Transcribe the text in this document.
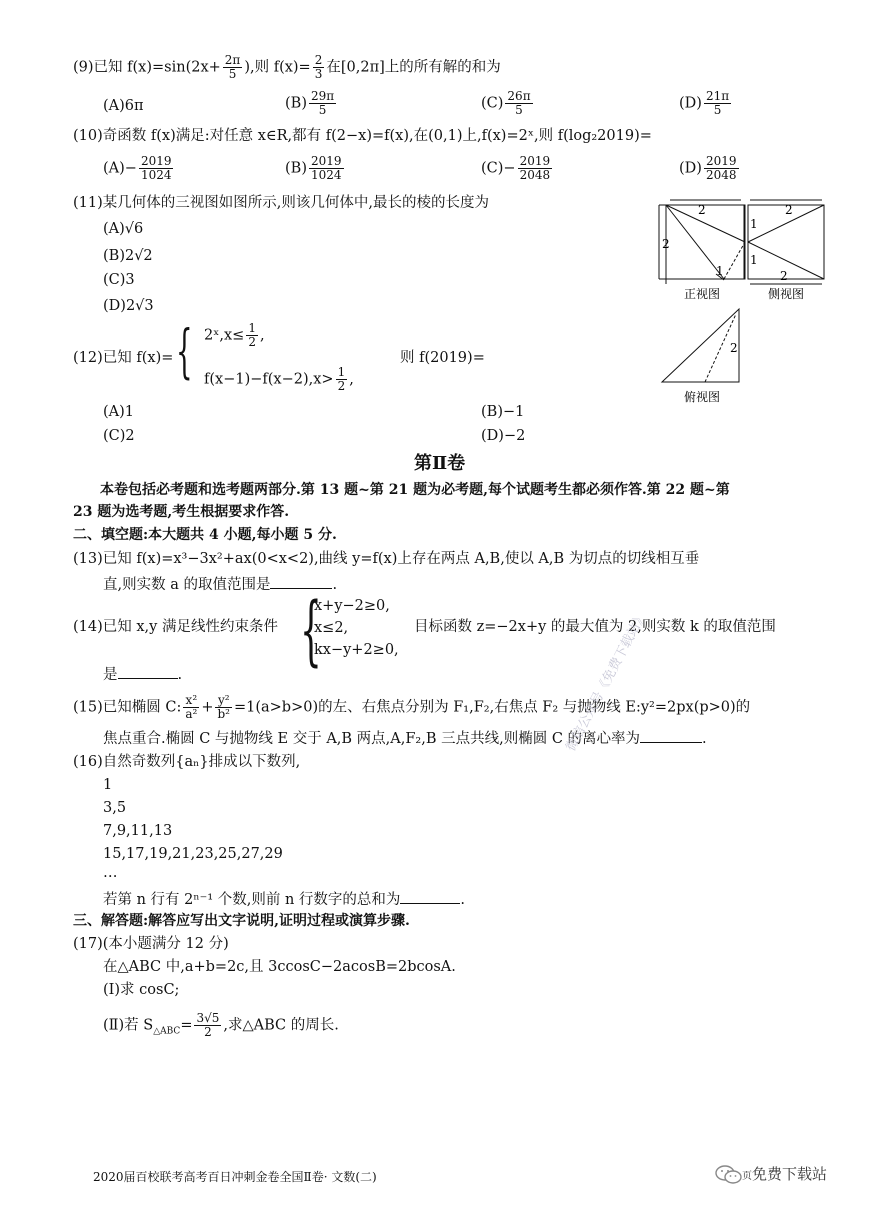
(9)已知 $f(x)=\sin(2x+ \frac{2\pi}{5}$ ),则 $f(x)= \frac{2}{3}$ 在[0,2π]上的所有解的和为
(A)6π	$(B) \frac{29\pi}{5}$	$(C) \frac{26\pi}{5}$	$(D) \frac{21\pi}{5}$
(10)奇函数 f(x)满足:对任意 x∈R,都有 f(2−x)=f(x),在(0,1)上,f(x)=2ˣ,则 f(log₂2019)=
$(A)- \frac{2019}{1024}$	$(B) \frac{2019}{1024}$	$(C)- \frac{2019}{2048}$	$(D) \frac{2019}{2048}$
(11)某几何体的三视图如图所示,则该几何体中,最长的棱的长度为
(A)√6
(B)2√2
(C)3
(D)2√3
2
2
1
正视图
2
1
1
2
侧视图
2
俯视图
(12)已知 f(x)= { 2ˣ,x≤ $\frac{1}{2}$ ,
$f(x-1)-f(x-2),x> \frac{1}{2}$ ,
则 f(2019)=
(A)1	(B)−1
(C)2	(D)−2
第Ⅱ卷
本卷包括必考题和选考题两部分.第 13 题~第 21 题为必考题,每个试题考生都必须作答.第 22 题~第
23 题为选考题,考生根据要求作答.
二、填空题:本大题共 4 小题,每小题 5 分.
(13)已知 f(x)=x³−3x²+ax(0<x<2),曲线 y=f(x)上存在两点 A,B,使以 A,B 为切点的切线相互垂
直,则实数 a 的取值范围是	.
(14)已知 x,y 满足线性约束条件 {
x+y−2≥0,
x≤2,
kx−y+2≥0,
目标函数 z=−2x+y 的最大值为 2,则实数 k 的取值范围
是	.
(15)已知椭圆 C: $\frac{\text{x²}}{\text{a²}} + \frac{\text{y²}}{\text{b²}} =1(a>b>0)$的左、右焦点分别为 F₁,F₂,右焦点 F₂ 与抛物线 E:y²=2px(p>0)的
焦点重合.椭圆 C 与抛物线 E 交于 A,B 两点,A,F₂,B 三点共线,则椭圆 C 的离心率为	.
(16)自然奇数列{aₙ}排成以下数列,
1
3,5
7,9,11,13
15,17,19,21,23,25,27,29
…
若第 n 行有 2ⁿ⁻¹ 个数,则前 n 行数字的总和为	.
三、解答题:解答应写出文字说明,证明过程或演算步骤.
(17)(本小题满分 12 分)
在△ABC 中,a+b=2c,且 3ccosC−2acosB=2bcosA.
(Ⅰ)求 cosC;
(Ⅱ)若 $S_{\triangle ABC}= \frac{3√5}{2}$ ,求△ABC 的周长.
微信公众号《免费下载站》
2020届百校联考高考百日冲刺金卷全国Ⅱ卷· 文数(二)	页免费下载站
